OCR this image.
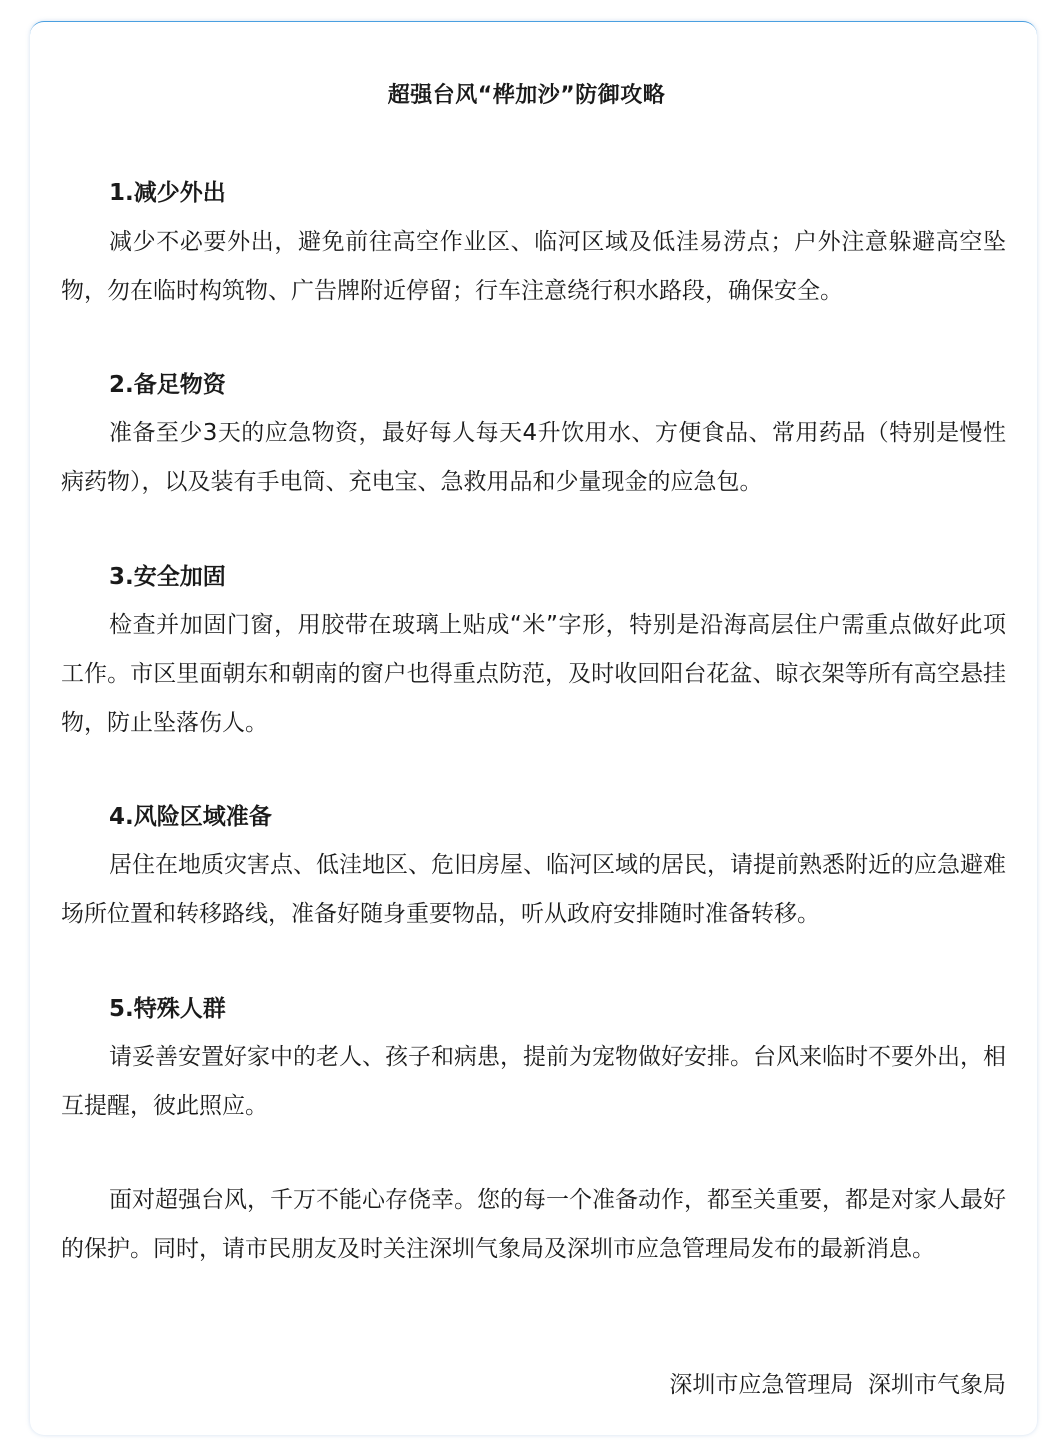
超强台风“桦加沙”防御攻略
1.减少外出
减少不必要外出，避免前往高空作业区、临河区域及低洼易涝点；户外注意躲避高空坠物，勿在临时构筑物、广告牌附近停留；行车注意绕行积水路段，确保安全。
2.备足物资
准备至少3天的应急物资，最好每人每天4升饮用水、方便食品、常用药品（特别是慢性病药物），以及装有手电筒、充电宝、急救用品和少量现金的应急包。
3.安全加固
检查并加固门窗，用胶带在玻璃上贴成“米”字形，特别是沿海高层住户需重点做好此项工作。市区里面朝东和朝南的窗户也得重点防范，及时收回阳台花盆、晾衣架等所有高空悬挂物，防止坠落伤人。
4.风险区域准备
居住在地质灾害点、低洼地区、危旧房屋、临河区域的居民，请提前熟悉附近的应急避难场所位置和转移路线，准备好随身重要物品，听从政府安排随时准备转移。
5.特殊人群
请妥善安置好家中的老人、孩子和病患，提前为宠物做好安排。台风来临时不要外出，相互提醒，彼此照应。
面对超强台风，千万不能心存侥幸。您的每一个准备动作，都至关重要，都是对家人最好的保护。同时，请市民朋友及时关注深圳气象局及深圳市应急管理局发布的最新消息。
深圳市应急管理局  深圳市气象局
